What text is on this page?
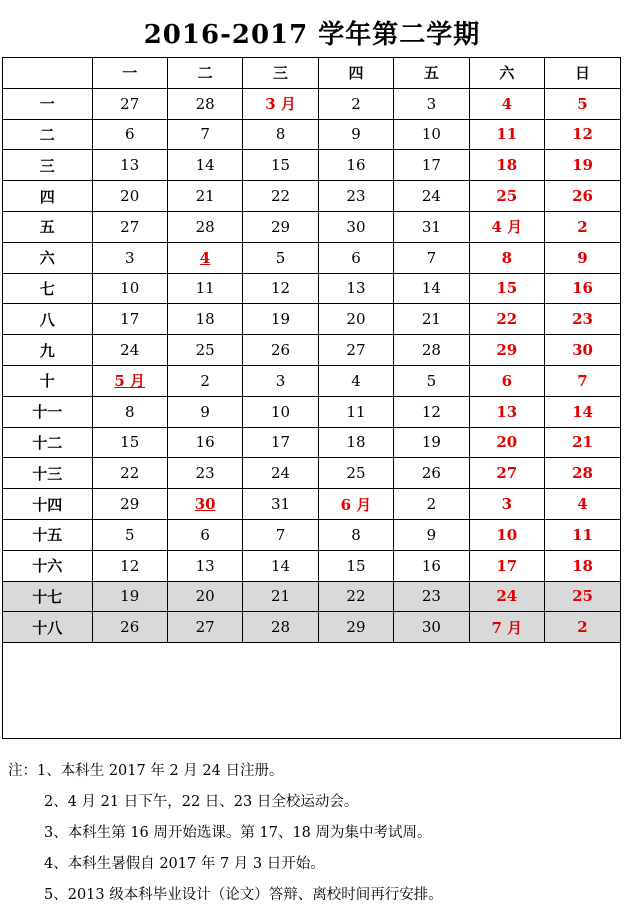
2016-2017 学年第二学期
	一	二	三	四	五	六	日
一	27	28	3 月	2	3	4	5
二	6	7	8	9	10	11	12
三	13	14	15	16	17	18	19
四	20	21	22	23	24	25	26
五	27	28	29	30	31	4 月	2
六	3	4	5	6	7	8	9
七	10	11	12	13	14	15	16
八	17	18	19	20	21	22	23
九	24	25	26	27	28	29	30
十	5 月	2	3	4	5	6	7
十一	8	9	10	11	12	13	14
十二	15	16	17	18	19	20	21
十三	22	23	24	25	26	27	28
十四	29	30	31	6 月	2	3	4
十五	5	6	7	8	9	10	11
十六	12	13	14	15	16	17	18
十七	19	20	21	22	23	24	25
十八	26	27	28	29	30	7 月	2
注：1、本科生 2017 年 2 月 24 日注册。
2、4 月 21 日下午，22 日、23 日全校运动会。
3、本科生第 16 周开始选课。第 17、18 周为集中考试周。
4、本科生暑假自 2017 年 7 月 3 日开始。
5、2013 级本科毕业设计（论文）答辩、离校时间再行安排。
